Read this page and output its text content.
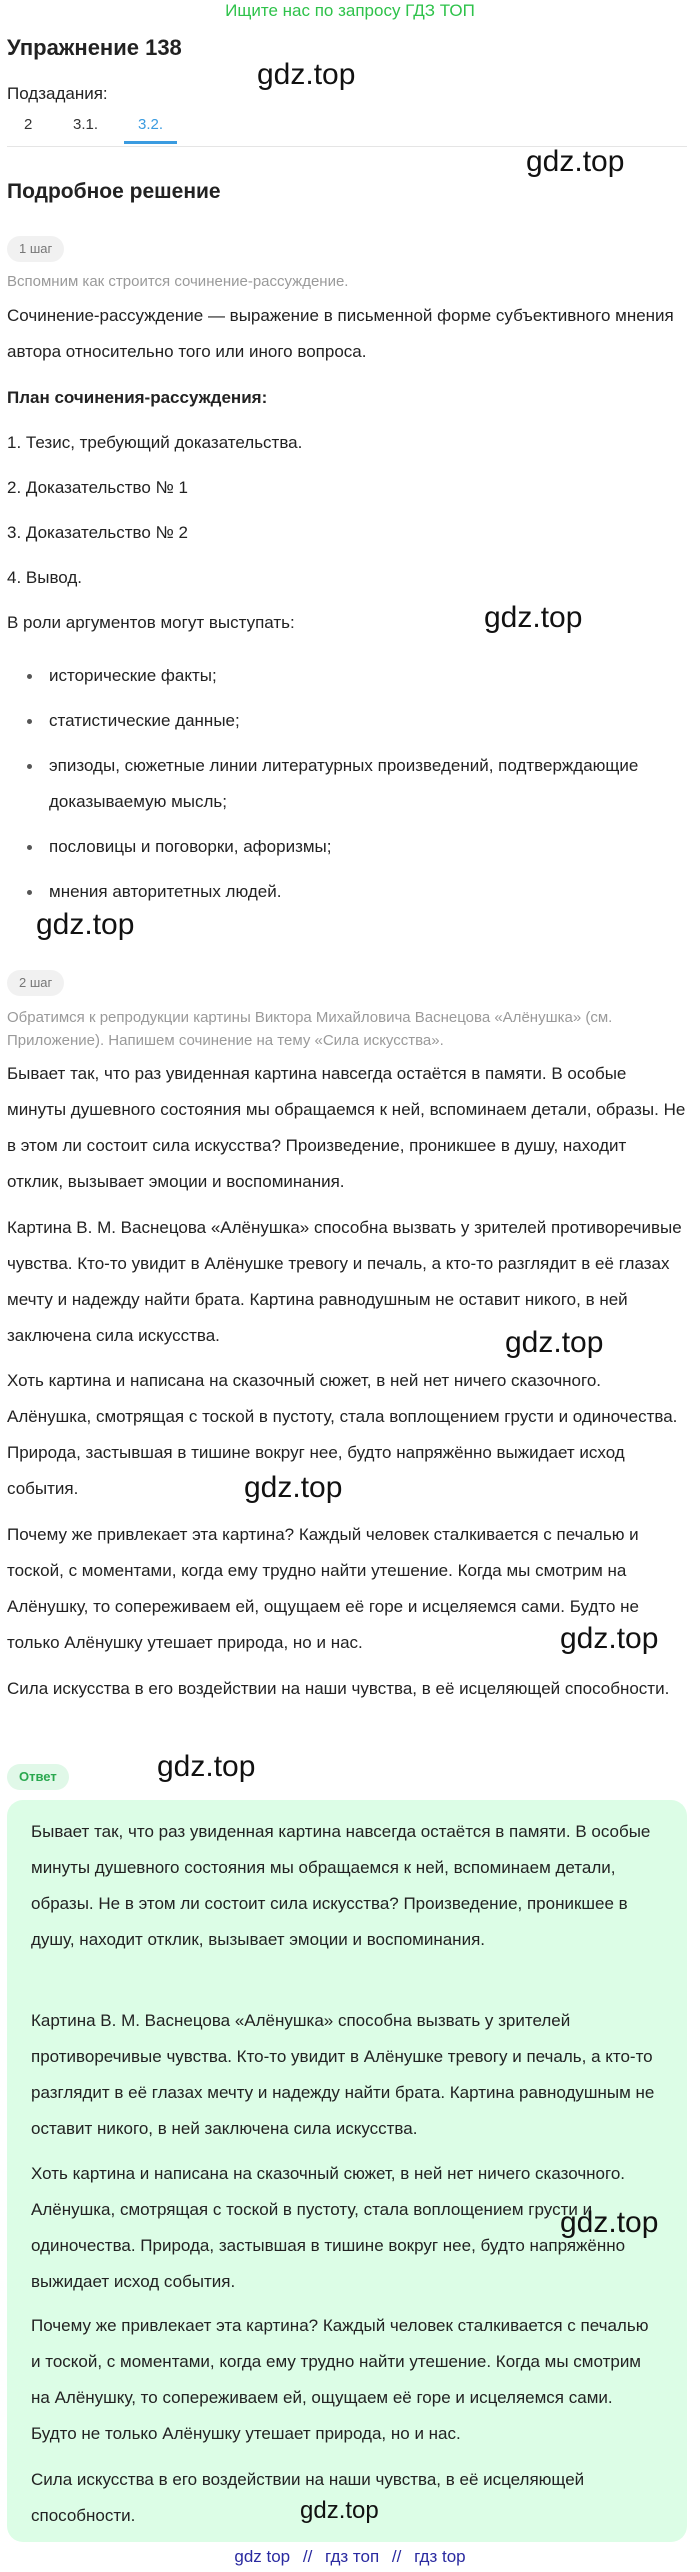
Ищите нас по запросу ГДЗ ТОП
Упражнение 138
Подзадания:
2	3.1.	3.2.
Подробное решение
1 шаг
Вспомним как строится сочинение-рассуждение.

Сочинение-рассуждение — выражение в письменной форме субъективного мнения автора относительно того или иного вопроса.

План сочинения-рассуждения:

1. Тезис, требующий доказательства.

2. Доказательство № 1

3. Доказательство № 2

4. Вывод.

В роли аргументов могут выступать:

исторические факты;
статистические данные;
эпизоды, сюжетные линии литературных произведений, подтверждающие доказываемую мысль;
пословицы и поговорки, афоризмы;
мнения авторитетных людей.
2 шаг
Обратимся к репродукции картины Виктора Михайловича Васнецова «Алёнушка» (см. Приложение). Напишем сочинение на тему «Сила искусства».

Бывает так, что раз увиденная картина навсегда остаётся в памяти. В особые минуты душевного состояния мы обращаемся к ней, вспоминаем детали, образы. Не в этом ли состоит сила искусства? Произведение, проникшее в душу, находит отклик, вызывает эмоции и воспоминания.

Картина В. М. Васнецова «Алёнушка» способна вызвать у зрителей противоречивые чувства. Кто-то увидит в Алёнушке тревогу и печаль, а кто-то разглядит в её глазах мечту и надежду найти брата. Картина равнодушным не оставит никого, в ней заключена сила искусства.

Хоть картина и написана на сказочный сюжет, в ней нет ничего сказочного. Алёнушка, смотрящая с тоской в пустоту, стала воплощением грусти и одиночества. Природа, застывшая в тишине вокруг нее, будто напряжённо выжидает исход события.

Почему же привлекает эта картина? Каждый человек сталкивается с печалью и тоской, с моментами, когда ему трудно найти утешение. Когда мы смотрим на Алёнушку, то сопереживаем ей, ощущаем её горе и исцеляемся сами. Будто не только Алёнушку утешает природа, но и нас.

Сила искусства в его воздействии на наши чувства, в её исцеляющей способности.

Ответ

Бывает так, что раз увиденная картина навсегда остаётся в памяти. В особые минуты душевного состояния мы обращаемся к ней, вспоминаем детали, образы. Не в этом ли состоит сила искусства? Произведение, проникшее в душу, находит отклик, вызывает эмоции и воспоминания.

Картина В. М. Васнецова «Алёнушка» способна вызвать у зрителей противоречивые чувства. Кто-то увидит в Алёнушке тревогу и печаль, а кто-то разглядит в её глазах мечту и надежду найти брата. Картина равнодушным не оставит никого, в ней заключена сила искусства.

Хоть картина и написана на сказочный сюжет, в ней нет ничего сказочного. Алёнушка, смотрящая с тоской в пустоту, стала воплощением грусти и одиночества. Природа, застывшая в тишине вокруг нее, будто напряжённо выжидает исход события.

Почему же привлекает эта картина? Каждый человек сталкивается с печалью и тоской, с моментами, когда ему трудно найти утешение. Когда мы смотрим на Алёнушку, то сопереживаем ей, ощущаем её горе и исцеляемся сами. Будто не только Алёнушку утешает природа, но и нас.

Сила искусства в его воздействии на наши чувства, в её исцеляющей способности.

gdz.top
gdz.top
gdz.top
gdz.top
gdz.top
gdz.top
gdz.top
gdz.top
gdz.top
gdz.top
gdz top // гдз топ // гдз top
